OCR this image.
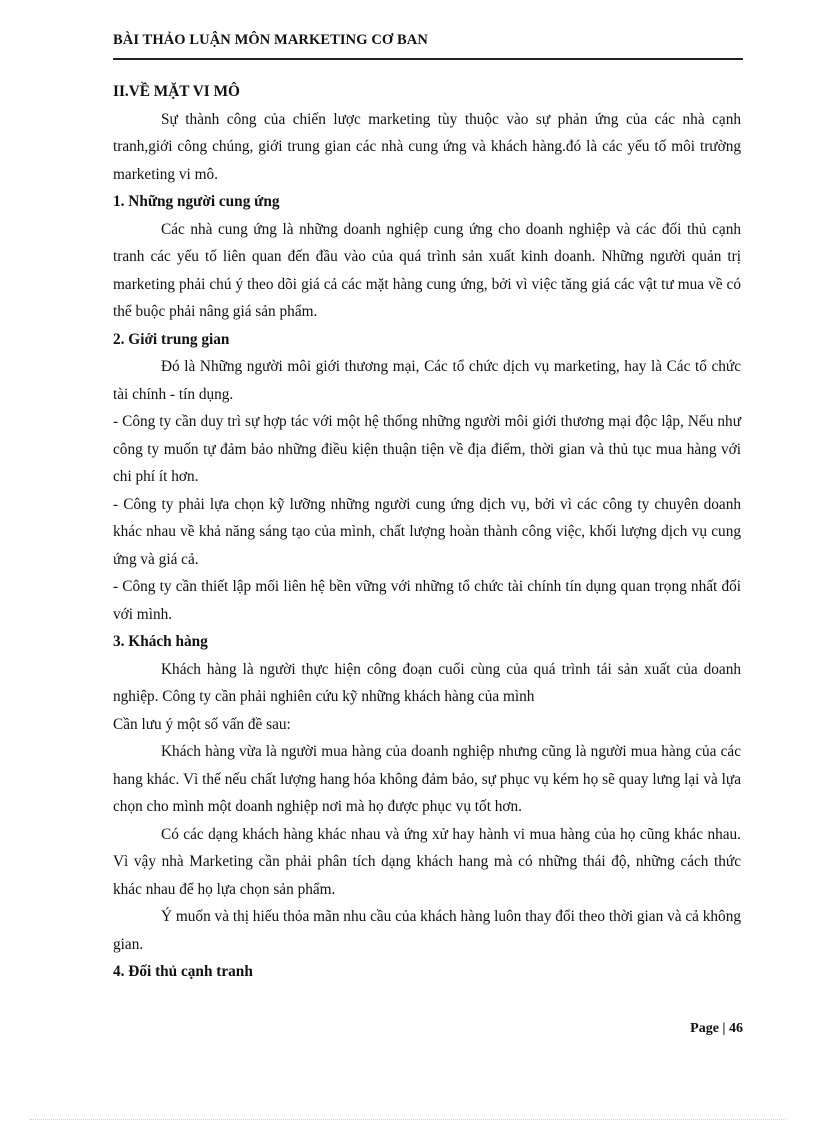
BÀI THẢO LUẬN MÔN MARKETING CƠ BAN
II.VỀ MẶT VI MÔ

Sự thành công của chiến lược marketing tùy thuộc vào sự phản ứng của các nhà cạnh tranh,giới công chúng, giới trung gian các nhà cung ứng và khách hàng.đó là các yếu tố môi trường marketing vi mô.

1. Những người cung ứng

Các nhà cung ứng là những doanh nghiệp cung ứng cho doanh nghiệp và các đối thủ cạnh tranh các yếu tố liên quan đến đầu vào của quá trình sản xuất kinh doanh. Những người quản trị marketing phải chú ý theo dõi giá cả các mặt hàng cung ứng, bởi vì việc tăng giá các vật tư mua về có thể buộc phải nâng giá sản phẩm.

2. Giới trung gian

Đó là Những người môi giới thương mại, Các tổ chức dịch vụ marketing, hay là Các tổ chức tài chính - tín dụng.

- Công ty cần duy trì sự hợp tác với một hệ thống những người môi giới thương mại độc lập, Nếu như công ty muốn tự đảm bảo những điều kiện thuận tiện về địa điểm, thời gian và thủ tục mua hàng với chi phí ít hơn.

- Công ty phải lựa chọn kỹ lưỡng những người cung ứng dịch vụ, bởi vì các công ty chuyên doanh khác nhau về khả năng sáng tạo của mình, chất lượng hoàn thành công việc, khối lượng dịch vụ cung ứng và giá cả.

- Công ty cần thiết lập mối liên hệ bền vững với những tổ chức tài chính tín dụng quan trọng nhất đối với mình.

3. Khách hàng

Khách hàng là người thực hiện công đoạn cuối cùng của quá trình tái sản xuất của doanh nghiệp. Công ty cần phải nghiên cứu kỹ những khách hàng của mình

Cần lưu ý một số vấn đề sau:

Khách hàng vừa là người mua hàng của doanh nghiệp nhưng cũng là người mua hàng của các hang khác. Vì thế nếu chất lượng hang hóa không đảm bảo, sự phục vụ kém họ sẽ quay lưng lại và lựa chọn cho mình một doanh nghiệp nơi mà họ được phục vụ tốt hơn.

Có các dạng khách hàng khác nhau và ứng xử hay hành vi mua hàng của họ cũng khác nhau. Vì vậy nhà Marketing cần phải phân tích dạng khách hang mà có những thái độ, những cách thức khác nhau để họ lựa chọn sản phẩm.

Ý muốn và thị hiếu thỏa mãn nhu cầu của khách hàng luôn thay đổi theo thời gian và cả không gian.

4. Đối thủ cạnh tranh
Page | 46
